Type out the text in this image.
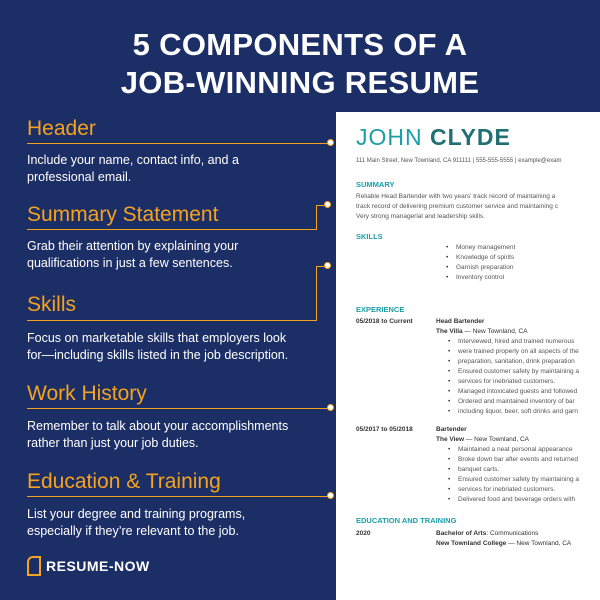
5 COMPONENTS OF A
JOB-WINNING RESUME
Header

Include your name, contact info, and a
professional email.

Summary Statement

Grab their attention by explaining your
qualifications in just a few sentences.

Skills

Focus on marketable skills that employers look
for—including skills listed in the job description.

Work History

Remember to talk about your accomplishments
rather than just your job duties.

Education & Training

List your degree and training programs,
especially if they’re relevant to the job.

RESUME-NOW
JOHN CLYDE
111 Main Street, New Townland, CA 911111 | 555-555-5555 | example@exam
SUMMARY
Reliable Head Bartender with two years' track record of maintaining a
track record of delivering premium customer service and maintaining c
Very strong managerial and leadership skills.
SKILLS
• Money management
• Knowledge of spirits
• Garnish preparation
• Inventory control
EXPERIENCE
05/2018 to Current	Head Bartender
The Villa — New Townland, CA
• Interviewed, hired and trained numerous
• were trained properly on all aspects of the
• preparation, sanitation, drink preparation
• Ensured customer safety by maintaining a
• services for inebriated customers.
• Managed intoxicated guests and followed
• Ordered and maintained inventory of bar
• including liquor, beer, soft drinks and garn
05/2017 to 05/2018	Bartender
The View — New Townland, CA
• Maintained a neat personal appearance
• Broke down bar after events and returned
• banquet carts.
• Ensured customer safety by maintaining a
• services for inebriated customers.
• Delivered food and beverage orders with
EDUCATION AND TRAINING
2020	Bachelor of Arts: Communications
New Townland College — New Townland, CA
